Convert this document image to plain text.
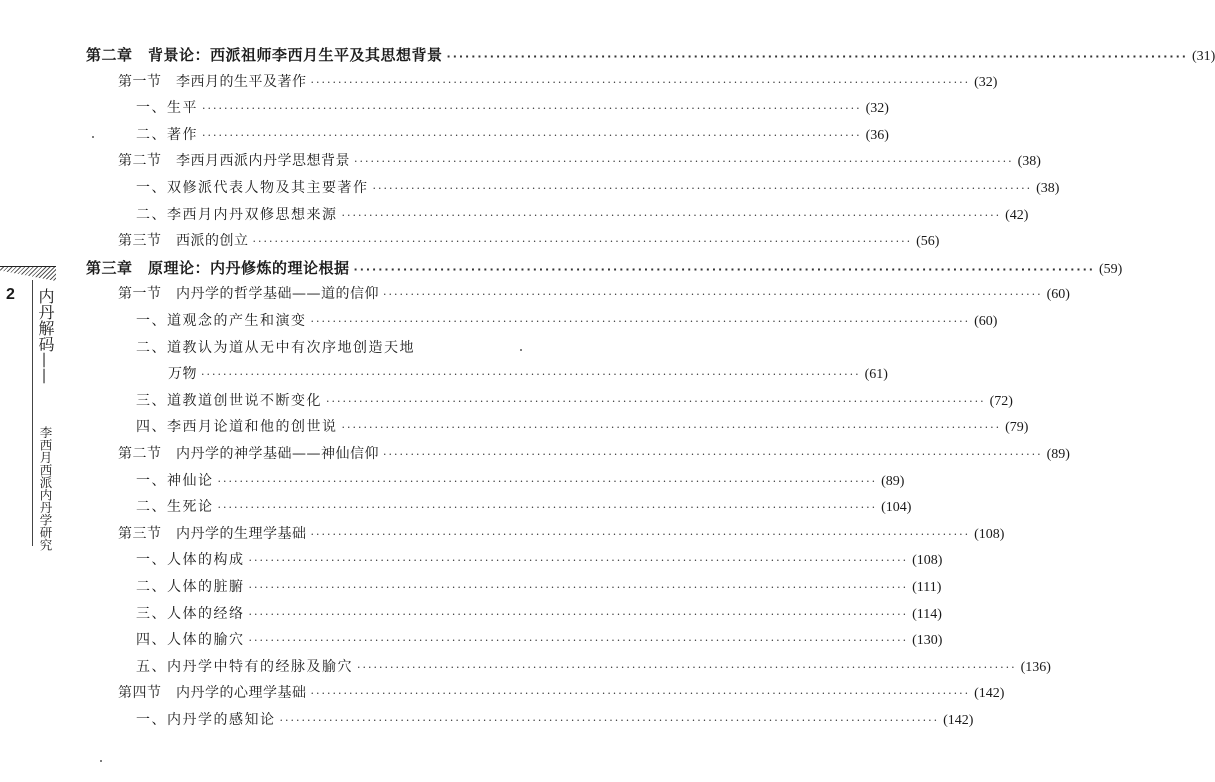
2 内丹解码——
李西月西派内丹学研究
第二章　背景论：西派祖师李西月生平及其思想背景 ························································································································ (31)
第一节　李西月的生平及著作 ························································································································ (32)
一、生平 ························································································································ (32)
二、著作 ························································································································ (36)
第二节　李西月西派内丹学思想背景 ························································································································ (38)
一、双修派代表人物及其主要著作 ························································································································ (38)
二、李西月内丹双修思想来源 ························································································································ (42)
第三节　西派的创立 ························································································································ (56)
第三章　原理论：内丹修炼的理论根据 ························································································································ (59)
第一节　内丹学的哲学基础——道的信仰 ························································································································ (60)
一、道观念的产生和演变 ························································································································ (60)
二、道教认为道从无中有次序地创造天地
万物 ························································································································ (61)
三、道教道创世说不断变化 ························································································································ (72)
四、李西月论道和他的创世说 ························································································································ (79)
第二节　内丹学的神学基础——神仙信仰 ························································································································ (89)
一、神仙论 ························································································································ (89)
二、生死论 ························································································································ (104)
第三节　内丹学的生理学基础 ························································································································ (108)
一、人体的构成 ························································································································ (108)
二、人体的脏腑 ························································································································ (111)
三、人体的经络 ························································································································ (114)
四、人体的腧穴 ························································································································ (130)
五、内丹学中特有的经脉及腧穴 ························································································································ (136)
第四节　内丹学的心理学基础 ························································································································ (142)
一、内丹学的感知论 ························································································································ (142)
